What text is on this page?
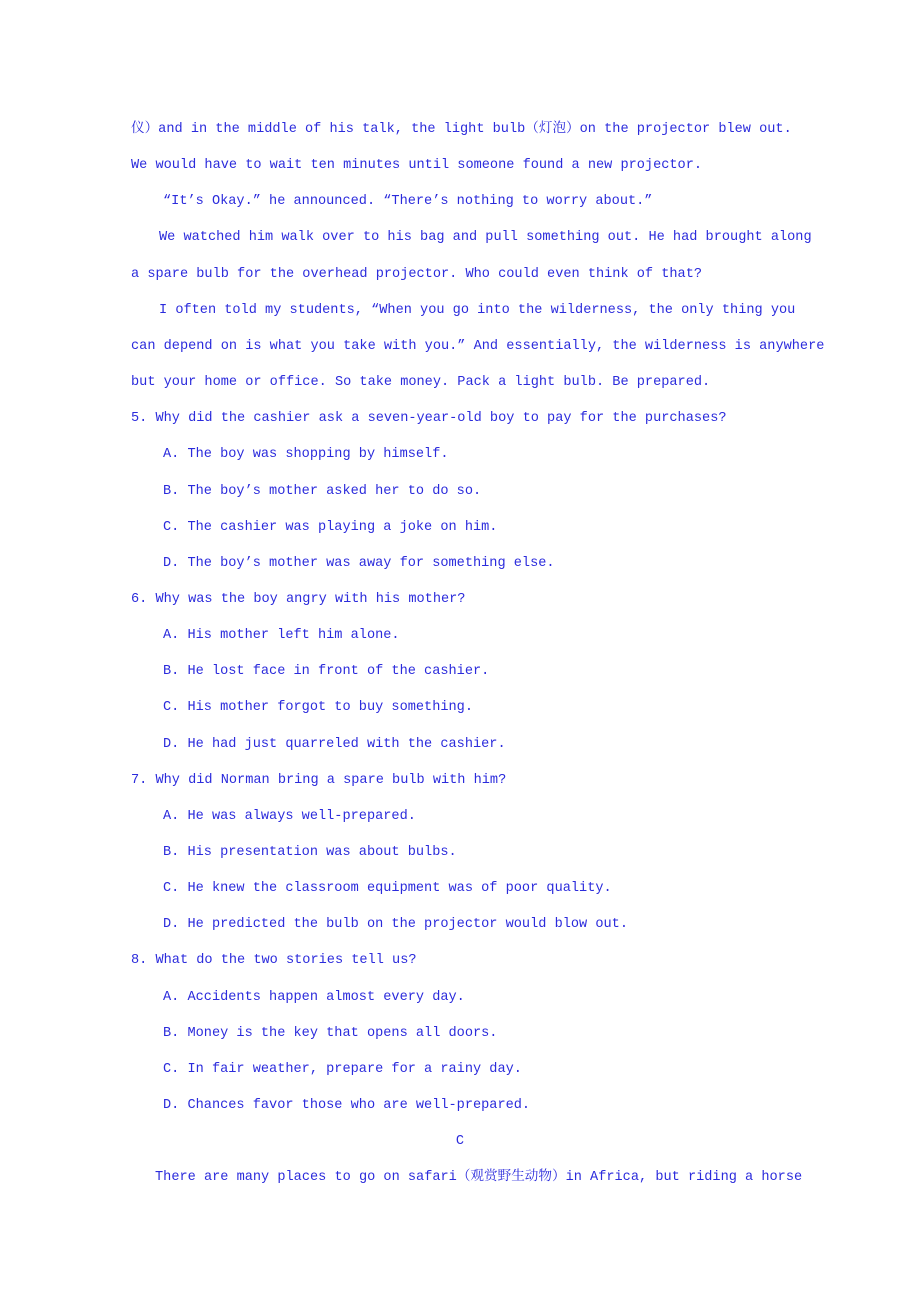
仪）and in the middle of his talk, the light bulb（灯泡）on the projector blew out.
We would have to wait ten minutes until someone found a new projector.
“It’s Okay.” he announced. “There’s nothing to worry about.”
We watched him walk over to his bag and pull something out. He had brought along
a spare bulb for the overhead projector. Who could even think of that?
I often told my students, “When you go into the wilderness, the only thing you
can depend on is what you take with you.” And essentially, the wilderness is anywhere
but your home or office. So take money. Pack a light bulb. Be prepared.
5. Why did the cashier ask a seven-year-old boy to pay for the purchases?
A. The boy was shopping by himself.
B. The boy’s mother asked her to do so.
C. The cashier was playing a joke on him.
D. The boy’s mother was away for something else.
6. Why was the boy angry with his mother?
A. His mother left him alone.
B. He lost face in front of the cashier.
C. His mother forgot to buy something.
D. He had just quarreled with the cashier.
7. Why did Norman bring a spare bulb with him?
A. He was always well-prepared.
B. His presentation was about bulbs.
C. He knew the classroom equipment was of poor quality.
D. He predicted the bulb on the projector would blow out.
8. What do the two stories tell us?
A. Accidents happen almost every day.
B. Money is the key that opens all doors.
C. In fair weather, prepare for a rainy day.
D. Chances favor those who are well-prepared.
C
There are many places to go on safari（观赏野生动物）in Africa, but riding a horse
